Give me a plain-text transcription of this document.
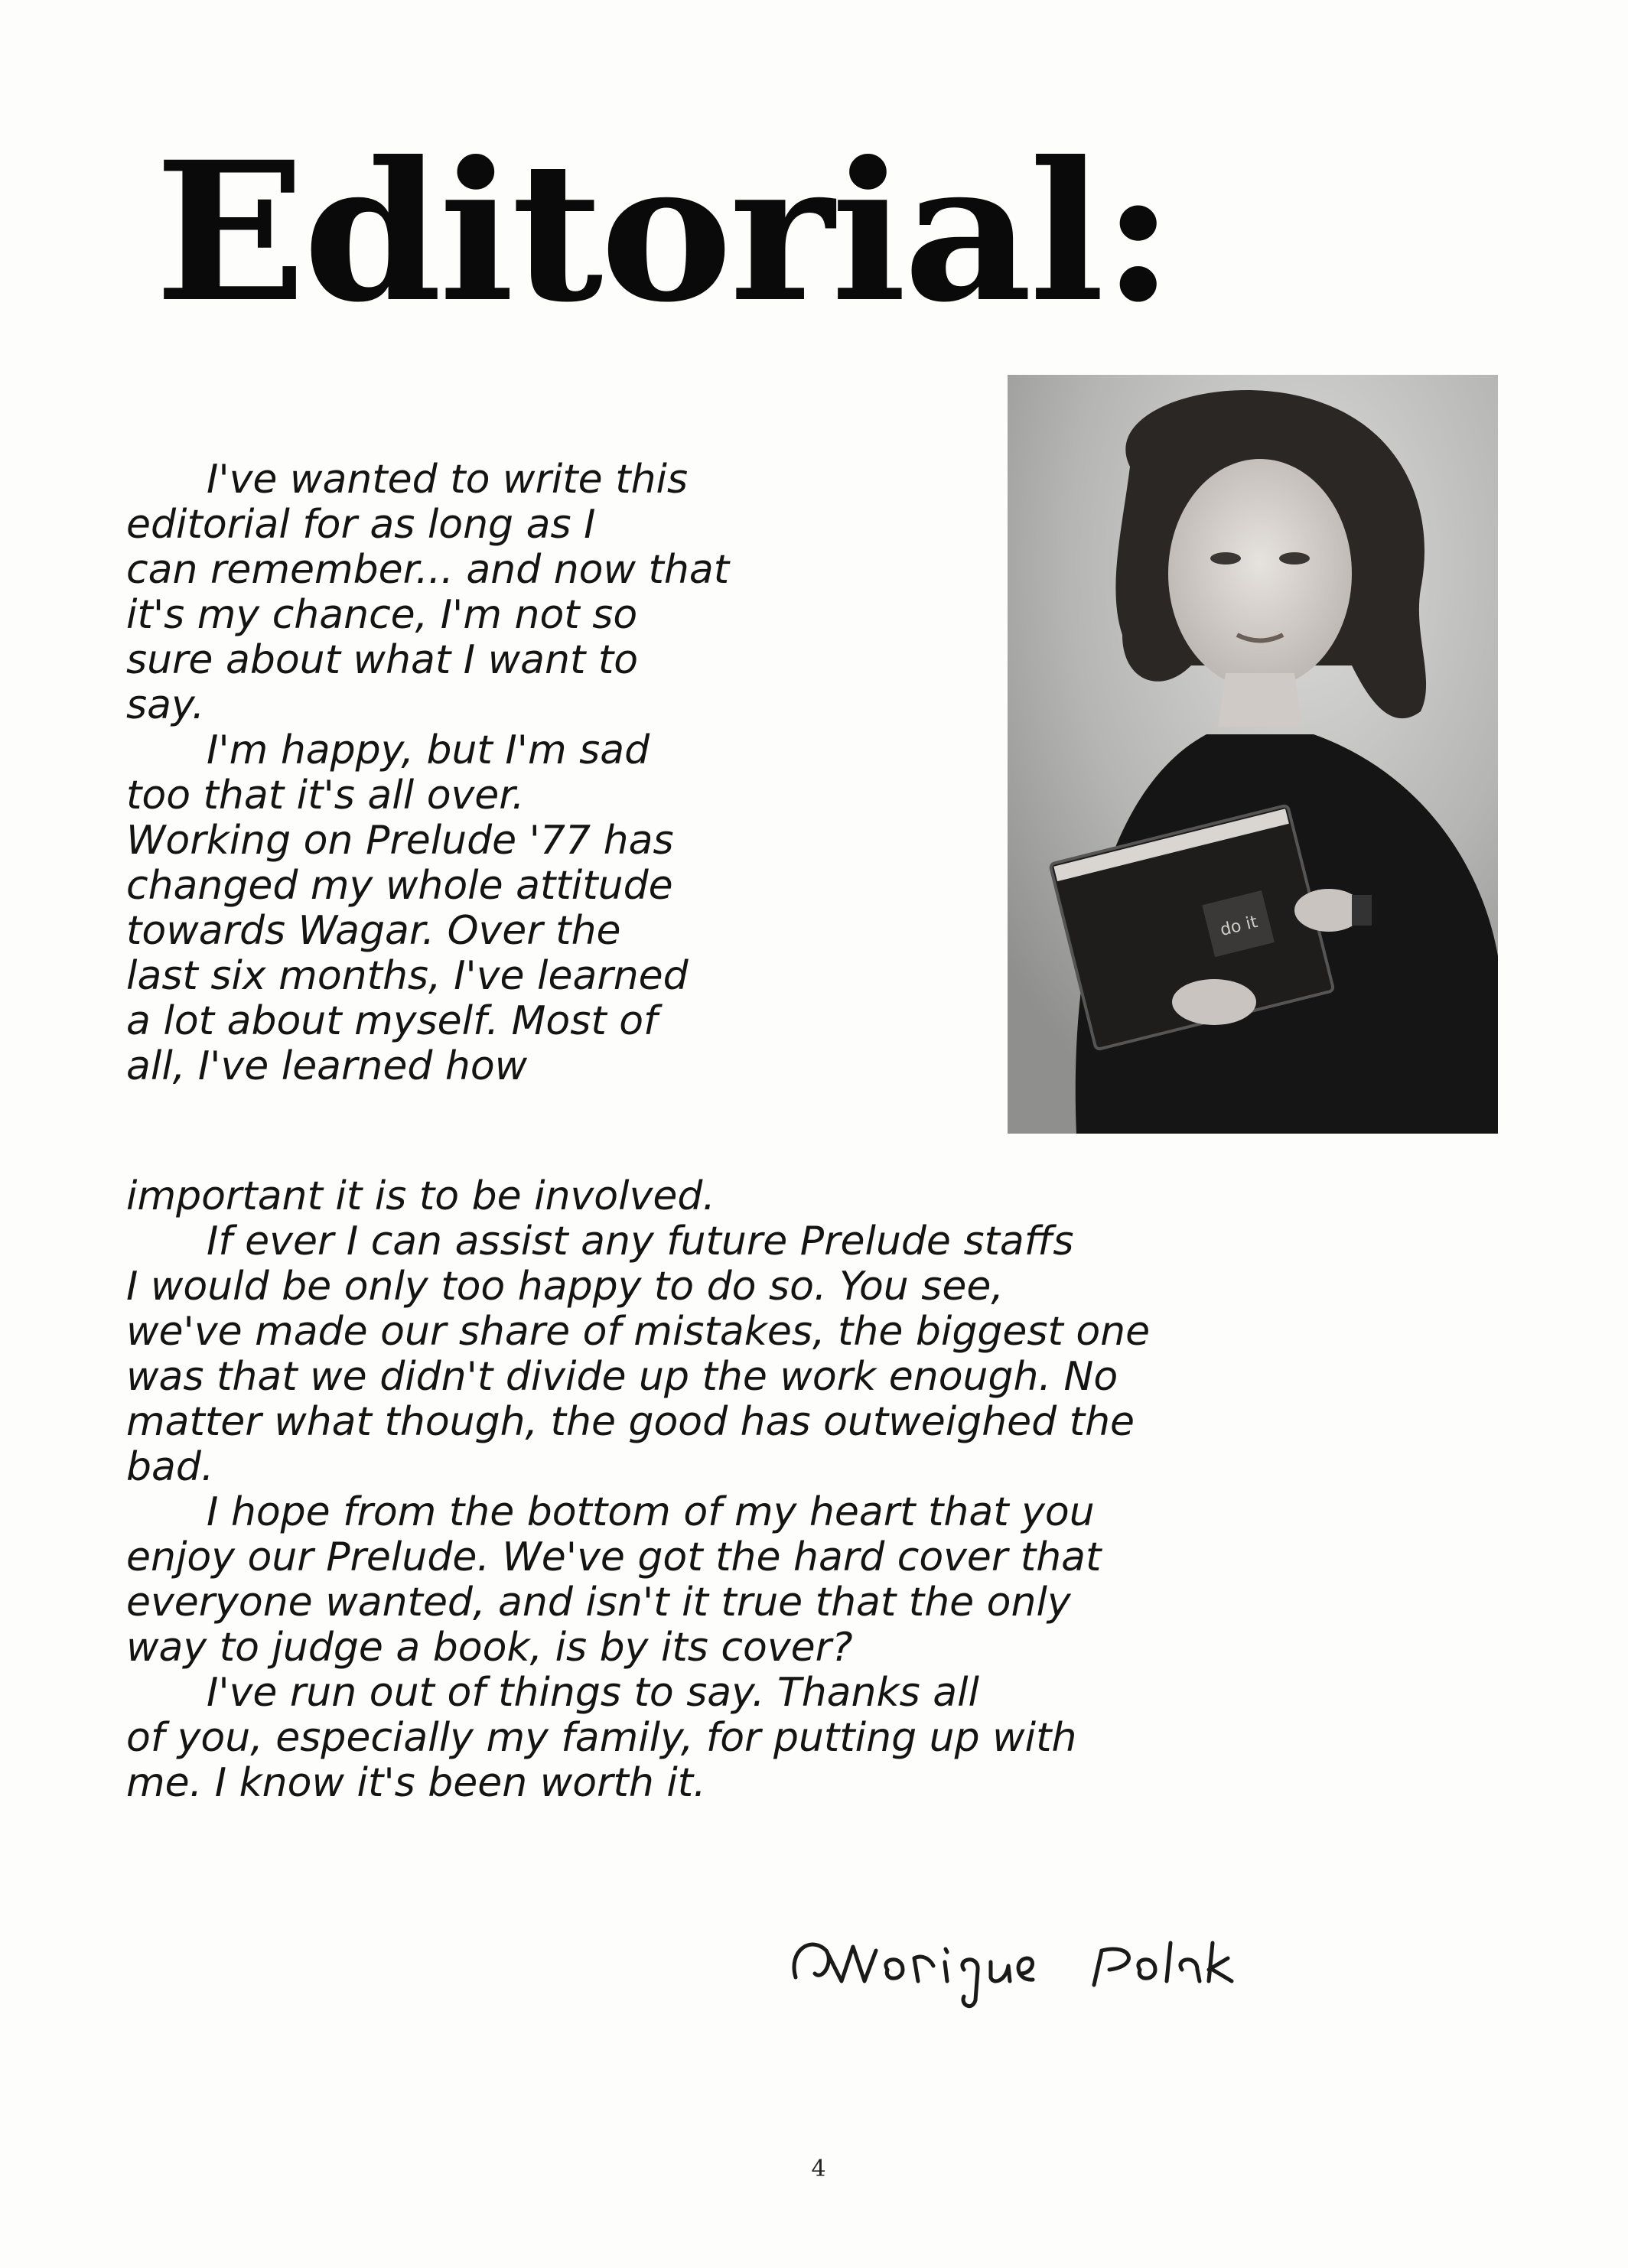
Editorial:
do it

I've wanted to write this
editorial for as long as I
can remember... and now that
it's my chance, I'm not so
sure about what I want to
say.

I'm happy, but I'm sad
too that it's all over.
Working on Prelude '77 has
changed my whole attitude
towards Wagar. Over the
last six months, I've learned
a lot about myself. Most of
all, I've learned how

important it is to be involved.

If ever I can assist any future Prelude staffs
I would be only too happy to do so. You see,
we've made our share of mistakes, the biggest one
was that we didn't divide up the work enough. No
matter what though, the good has outweighed the
bad.

I hope from the bottom of my heart that you
enjoy our Prelude. We've got the hard cover that
everyone wanted, and isn't it true that the only
way to judge a book, is by its cover?

I've run out of things to say. Thanks all
of you, especially my family, for putting up with
me. I know it's been worth it.

4
